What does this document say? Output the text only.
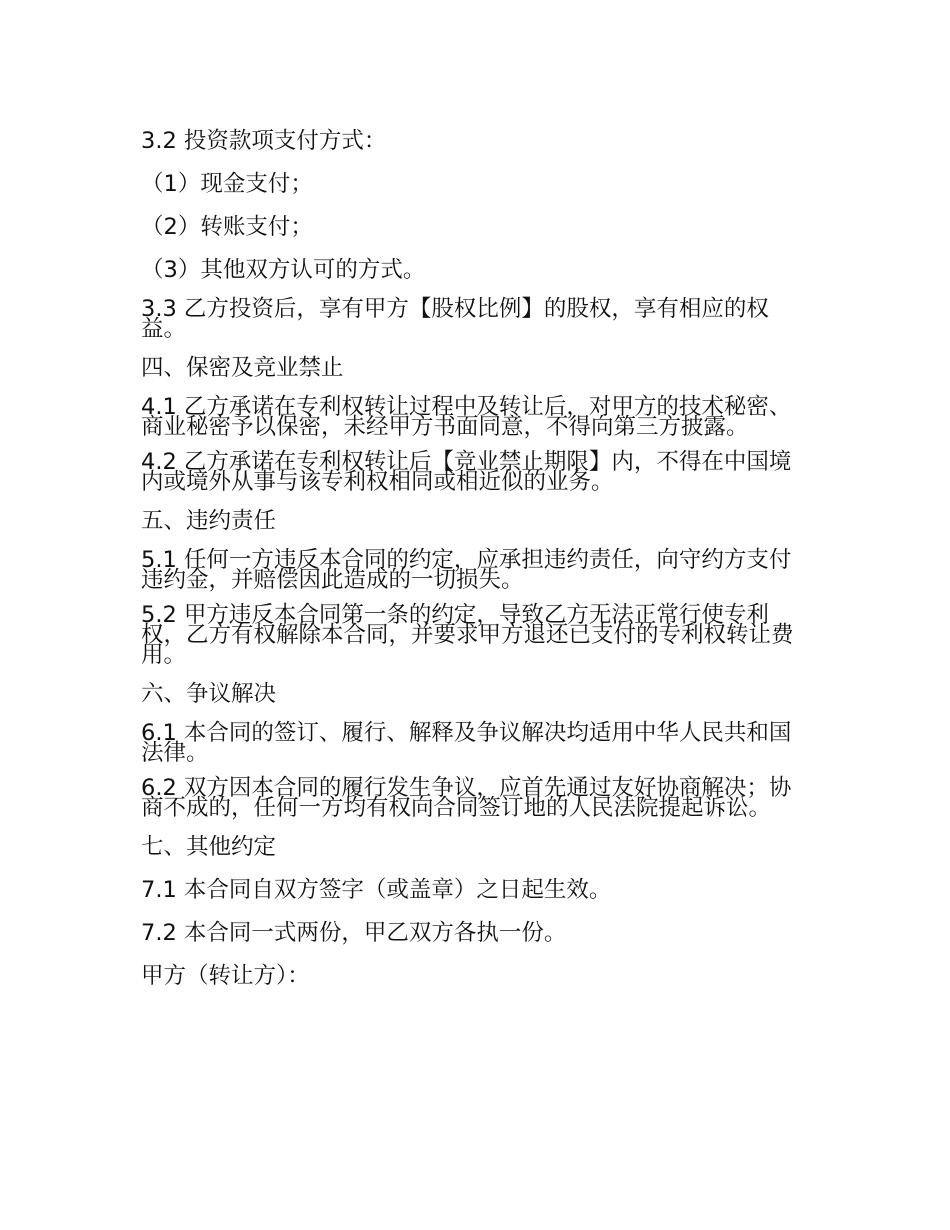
3.2 投资款项支付方式：

（1）现金支付；

（2）转账支付；

（3）其他双方认可的方式。

3.3 乙方投资后，享有甲方【股权比例】的股权，享有相应的权益。

四、保密及竞业禁止

4.1 乙方承诺在专利权转让过程中及转让后，对甲方的技术秘密、商业秘密予以保密，未经甲方书面同意，不得向第三方披露。

4.2 乙方承诺在专利权转让后【竞业禁止期限】内，不得在中国境内或境外从事与该专利权相同或相近似的业务。

五、违约责任

5.1 任何一方违反本合同的约定，应承担违约责任，向守约方支付违约金，并赔偿因此造成的一切损失。

5.2 甲方违反本合同第一条的约定，导致乙方无法正常行使专利权，乙方有权解除本合同，并要求甲方退还已支付的专利权转让费用。

六、争议解决

6.1 本合同的签订、履行、解释及争议解决均适用中华人民共和国法律。

6.2 双方因本合同的履行发生争议，应首先通过友好协商解决；协商不成的，任何一方均有权向合同签订地的人民法院提起诉讼。

七、其他约定

7.1 本合同自双方签字（或盖章）之日起生效。

7.2 本合同一式两份，甲乙双方各执一份。

甲方（转让方）：
